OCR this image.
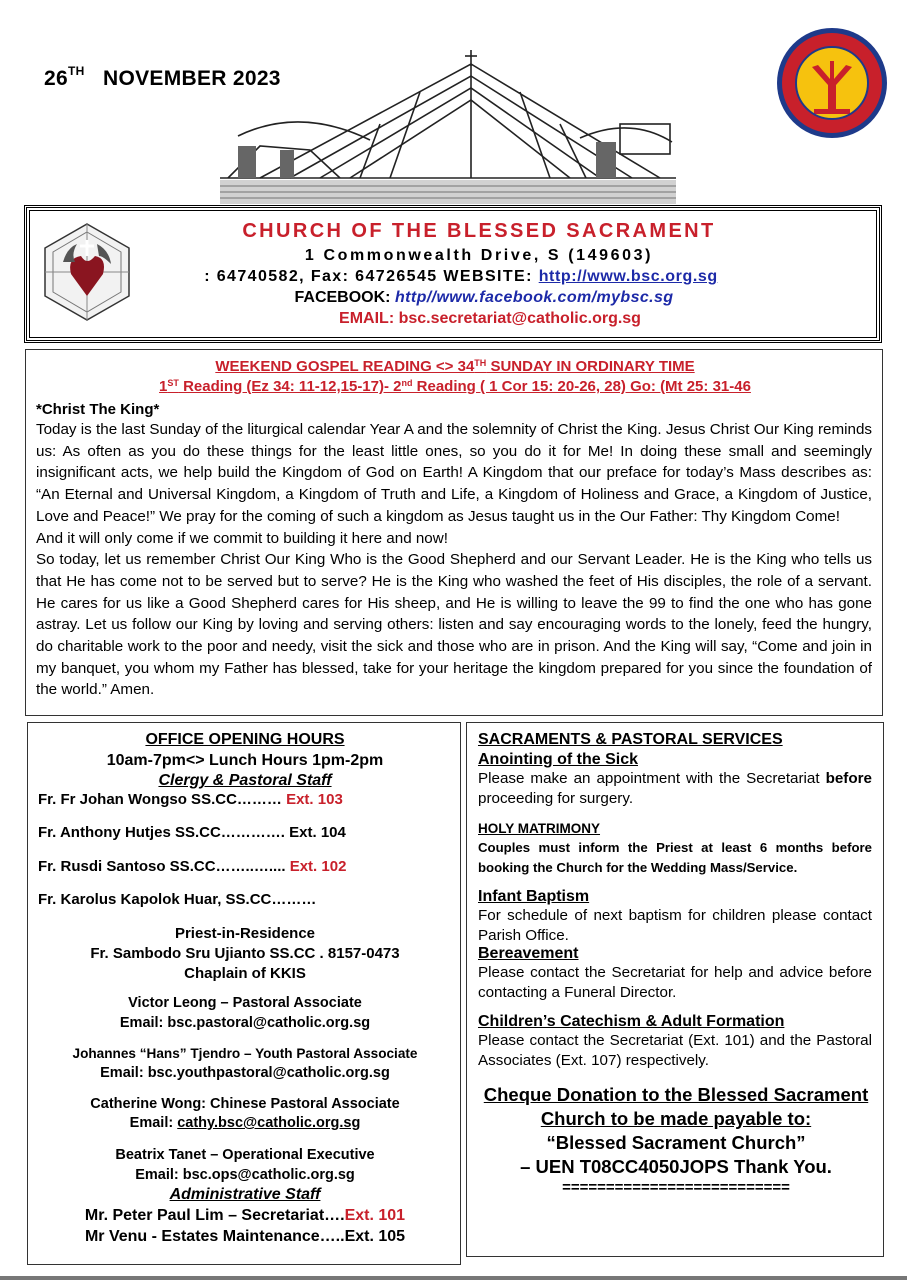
26TH NOVEMBER 2023
CHURCH OF THE BLESSED SACRAMENT
1 Commonwealth Drive, S (149603)
: 64740582, Fax: 64726545 WEBSITE: http://www.bsc.org.sg
FACEBOOK: http//www.facebook.com/mybsc.sg
EMAIL: bsc.secretariat@catholic.org.sg
WEEKEND GOSPEL READING <> 34TH SUNDAY IN ORDINARY TIME
1ST Reading (Ez 34: 11-12,15-17)- 2nd Reading ( 1 Cor 15: 20-26, 28) Go: (Mt 25: 31-46
*Christ The King*

Today is the last Sunday of the liturgical calendar Year A and the solemnity of Christ the King. Jesus Christ Our King reminds us: As often as you do these things for the least little ones, so you do it for Me! In doing these small and seemingly insignificant acts, we help build the Kingdom of God on Earth! A Kingdom that our preface for today’s Mass describes as: “An Eternal and Universal Kingdom, a Kingdom of Truth and Life, a Kingdom of Holiness and Grace, a Kingdom of Justice, Love and Peace!” We pray for the coming of such a kingdom as Jesus taught us in the Our Father: Thy Kingdom Come!

And it will only come if we commit to building it here and now!

So today, let us remember Christ Our King Who is the Good Shepherd and our Servant Leader. He is the King who tells us that He has come not to be served but to serve? He is the King who washed the feet of His disciples, the role of a servant. He cares for us like a Good Shepherd cares for His sheep, and He is willing to leave the 99 to find the one who has gone astray. Let us follow our King by loving and serving others: listen and say encouraging words to the lonely, feed the hungry, do charitable work to the poor and needy, visit the sick and those who are in prison. And the King will say, “Come and join in my banquet, you whom my Father has blessed, take for your heritage the kingdom prepared for you since the foundation of the world.” Amen.

OFFICE OPENING HOURS
10am-7pm<> Lunch Hours 1pm-2pm
Clergy & Pastoral Staff
Fr. Fr Johan Wongso SS.CC……… Ext. 103
Fr. Anthony Hutjes SS.CC…………. Ext. 104
Fr. Rusdi Santoso SS.CC……..….... Ext. 102
Fr. Karolus Kapolok Huar, SS.CC………
Priest-in-Residence
Fr. Sambodo Sru Ujianto SS.CC . 8157-0473
Chaplain of KKIS
Victor Leong – Pastoral Associate
Email: bsc.pastoral@catholic.org.sg
Johannes “Hans” Tjendro – Youth Pastoral Associate
Email: bsc.youthpastoral@catholic.org.sg
Catherine Wong: Chinese Pastoral Associate
Email: cathy.bsc@catholic.org.sg
Beatrix Tanet – Operational Executive
Email: bsc.ops@catholic.org.sg
Administrative Staff
Mr. Peter Paul Lim – Secretariat….Ext. 101
Mr Venu - Estates Maintenance…..Ext. 105
SACRAMENTS & PASTORAL SERVICES
Anointing of the Sick
Please make an appointment with the Secretariat before proceeding for surgery.
HOLY MATRIMONY
Couples must inform the Priest at least 6 months before booking the Church for the Wedding Mass/Service.
Infant Baptism
For schedule of next baptism for children please contact Parish Office.
Bereavement
Please contact the Secretariat for help and advice before contacting a Funeral Director.
Children’s Catechism & Adult Formation
Please contact the Secretariat (Ext. 101) and the Pastoral Associates (Ext. 107) respectively.
Cheque Donation to the Blessed Sacrament
Church to be made payable to:
“Blessed Sacrament Church”
– UEN T08CC4050JOPS Thank You.
==========================
